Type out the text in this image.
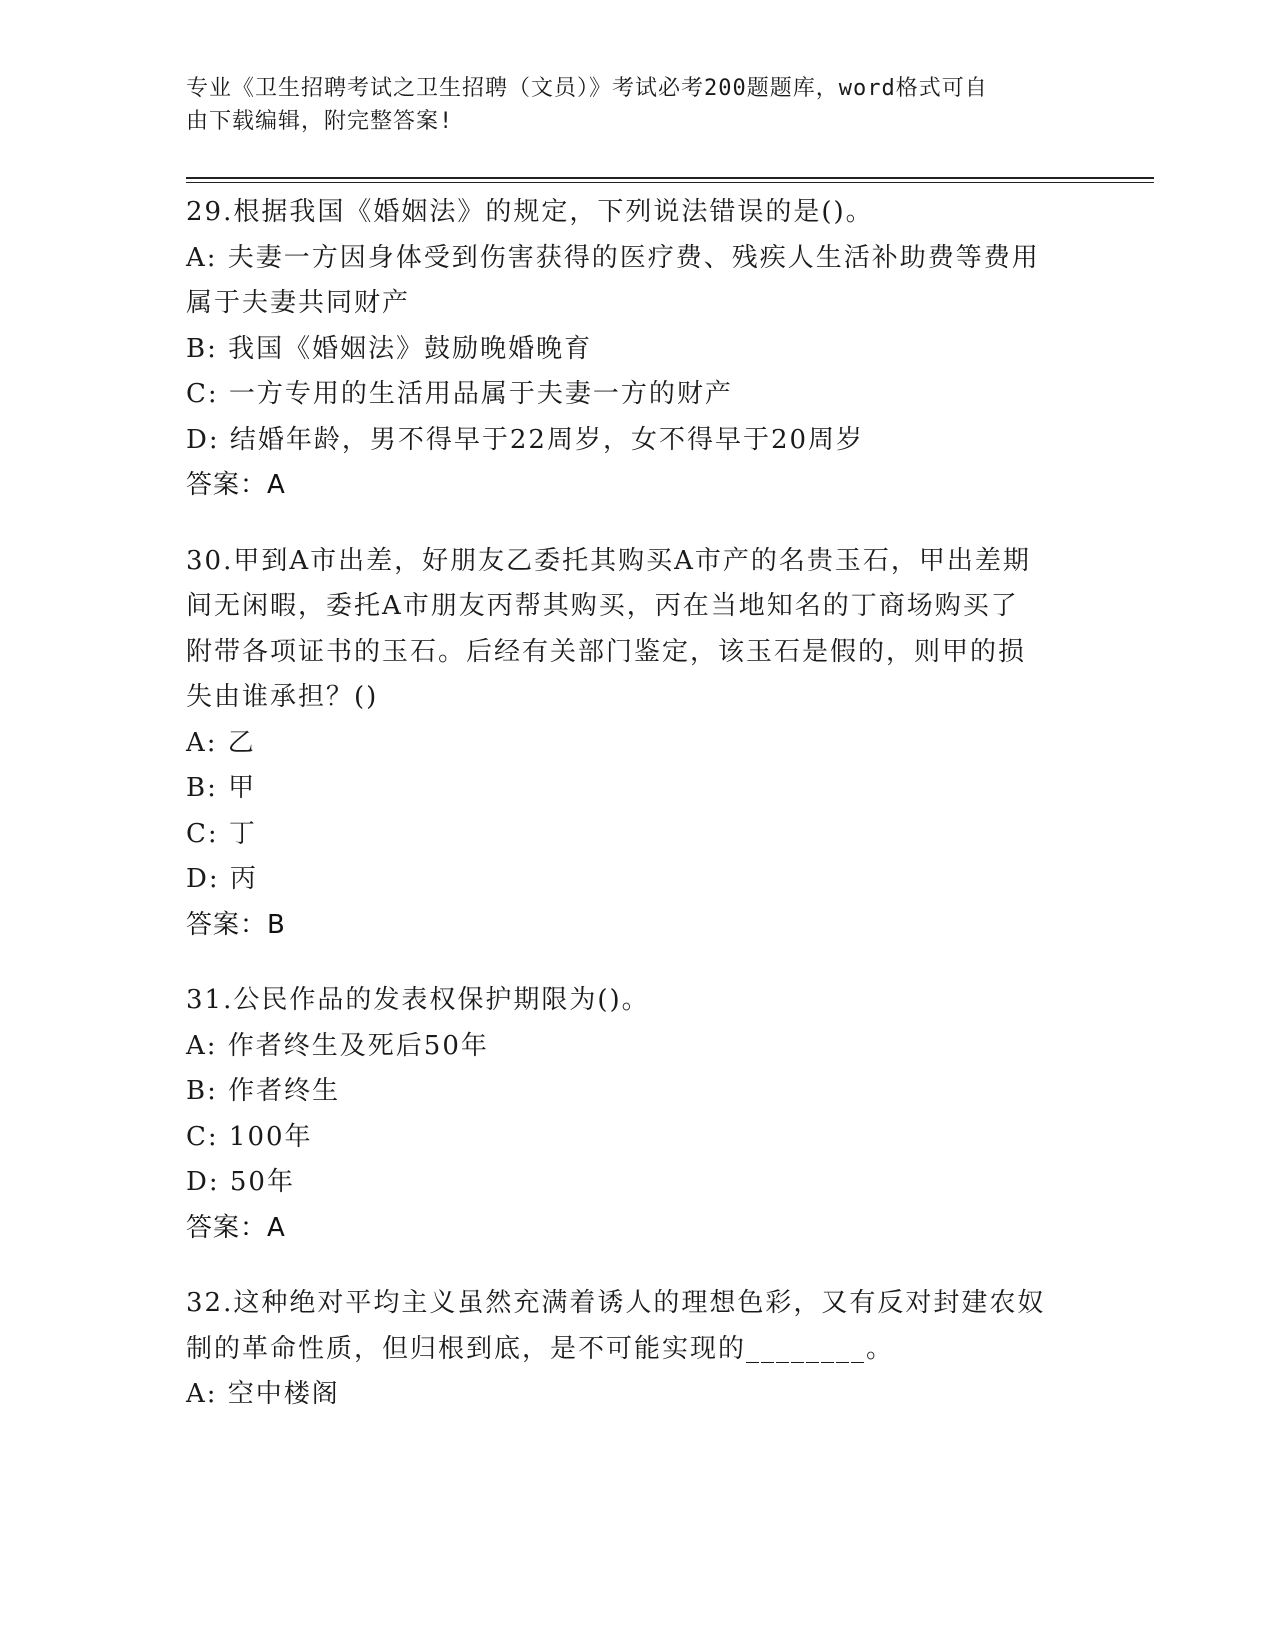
专业《卫生招聘考试之卫生招聘（文员）》考试必考200题题库，word格式可自
由下载编辑，附完整答案!

29.根据我国《婚姻法》的规定，下列说法错误的是()。

A: 夫妻一方因身体受到伤害获得的医疗费、残疾人生活补助费等费用

属于夫妻共同财产

B: 我国《婚姻法》鼓励晚婚晚育

C: 一方专用的生活用品属于夫妻一方的财产

D: 结婚年龄，男不得早于22周岁，女不得早于20周岁

答案：A

30.甲到A市出差，好朋友乙委托其购买A市产的名贵玉石，甲出差期

间无闲暇，委托A市朋友丙帮其购买，丙在当地知名的丁商场购买了

附带各项证书的玉石。后经有关部门鉴定，该玉石是假的，则甲的损

失由谁承担？()

A: 乙

B: 甲

C: 丁

D: 丙

答案：B

31.公民作品的发表权保护期限为()。

A: 作者终生及死后50年

B: 作者终生

C: 100年

D: 50年

答案：A

32.这种绝对平均主义虽然充满着诱人的理想色彩，又有反对封建农奴

制的革命性质，但归根到底，是不可能实现的________。

A: 空中楼阁
